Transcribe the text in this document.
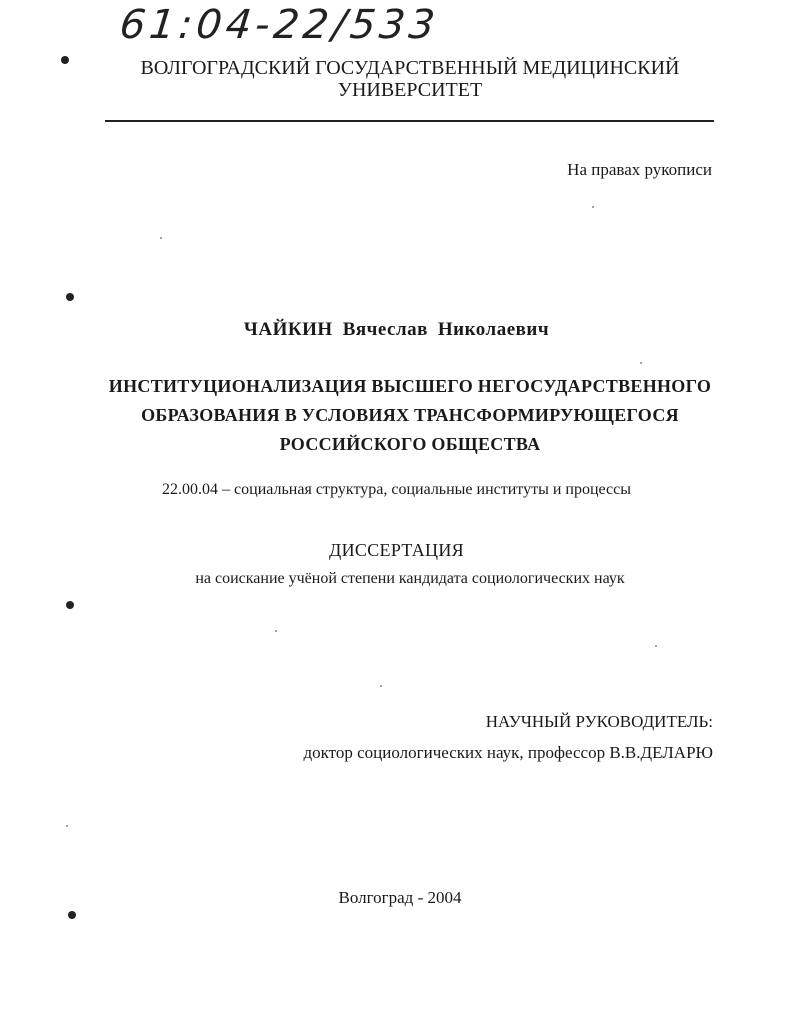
61:04-22/533
ВОЛГОГРАДСКИЙ ГОСУДАРСТВЕННЫЙ МЕДИЦИНСКИЙ
УНИВЕРСИТЕТ
На правах рукописи
ЧАЙКИН Вячеслав Николаевич
ИНСТИТУЦИОНАЛИЗАЦИЯ ВЫСШЕГО НЕГОСУДАРСТВЕННОГО
ОБРАЗОВАНИЯ В УСЛОВИЯХ ТРАНСФОРМИРУЮЩЕГОСЯ
РОССИЙСКОГО ОБЩЕСТВА
22.00.04 – социальная структура, социальные институты и процессы
ДИССЕРТАЦИЯ
на соискание учёной степени кандидата социологических наук
НАУЧНЫЙ РУКОВОДИТЕЛЬ:
доктор социологических наук, профессор В.В.ДЕЛАРЮ
Волгоград - 2004
